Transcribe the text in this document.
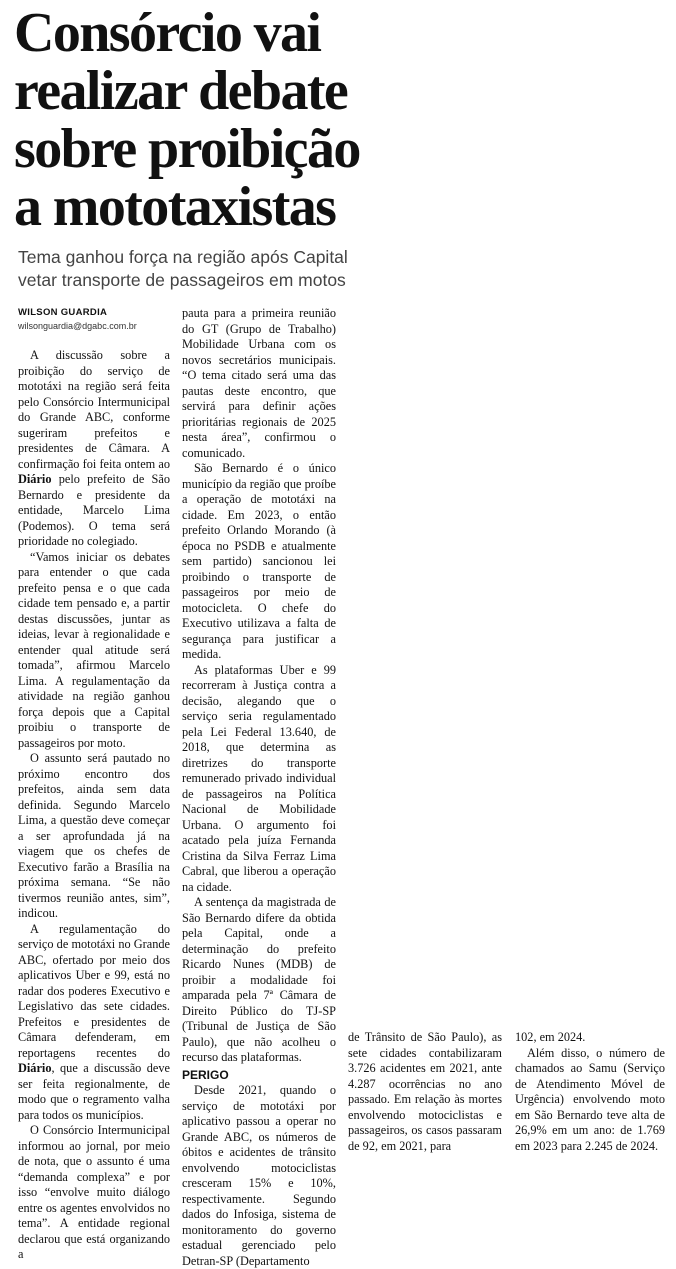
Consórcio vai realizar debate sobre proibição a mototaxistas

Tema ganhou força na região após Capital vetar transporte de passageiros em motos

WILSON GUARDIA
wilsonguardia@dgabc.com.br

A discussão sobre a proibição do serviço de mototáxi na região será feita pelo Consórcio Intermunicipal do Grande ABC, conforme sugeriram prefeitos e presidentes de Câmara. A confirmação foi feita ontem ao Diário pelo prefeito de São Bernardo e presidente da entidade, Marcelo Lima (Podemos). O tema será prioridade no colegiado.

“Vamos iniciar os debates para entender o que cada prefeito pensa e o que cada cidade tem pensado e, a partir destas discussões, juntar as ideias, levar à regionalidade e entender qual atitude será tomada”, afirmou Marcelo Lima. A regulamentação da atividade na região ganhou força depois que a Capital proibiu o transporte de passageiros por moto.

O assunto será pautado no próximo encontro dos prefeitos, ainda sem data definida. Segundo Marcelo Lima, a questão deve começar a ser aprofundada já na viagem que os chefes de Executivo farão a Brasília na próxima semana. “Se não tivermos reunião antes, sim”, indicou.

A regulamentação do serviço de mototáxi no Grande ABC, ofertado por meio dos aplicativos Uber e 99, está no radar dos poderes Executivo e Legislativo das sete cidades. Prefeitos e presidentes de Câmara defenderam, em reportagens recentes do Diário, que a discussão deve ser feita regionalmente, de modo que o regramento valha para todos os municípios.

O Consórcio Intermunicipal informou ao jornal, por meio de nota, que o assunto é uma “demanda complexa” e por isso “envolve muito diálogo entre os agentes envolvidos no tema”. A entidade regional declarou que está organizando a

pauta para a primeira reunião do GT (Grupo de Trabalho) Mobilidade Urbana com os novos secretários municipais. “O tema citado será uma das pautas deste encontro, que servirá para definir ações prioritárias regionais de 2025 nesta área”, confirmou o comunicado.

São Bernardo é o único município da região que proíbe a operação de mototáxi na cidade. Em 2023, o então prefeito Orlando Morando (à época no PSDB e atualmente sem partido) sancionou lei proibindo o transporte de passageiros por meio de motocicleta. O chefe do Executivo utilizava a falta de segurança para justificar a medida.

As plataformas Uber e 99 recorreram à Justiça contra a decisão, alegando que o serviço seria regulamentado pela Lei Federal 13.640, de 2018, que determina as diretrizes do transporte remunerado privado individual de passageiros na Política Nacional de Mobilidade Urbana. O argumento foi acatado pela juíza Fernanda Cristina da Silva Ferraz Lima Cabral, que liberou a operação na cidade.

A sentença da magistrada de São Bernardo difere da obtida pela Capital, onde a determinação do prefeito Ricardo Nunes (MDB) de proibir a modalidade foi amparada pela 7ª Câmara de Direito Público do TJ-SP (Tribunal de Justiça de São Paulo), que não acolheu o recurso das plataformas.

PERIGO

Desde 2021, quando o serviço de mototáxi por aplicativo passou a operar no Grande ABC, os números de óbitos e acidentes de trânsito envolvendo motociclistas cresceram 15% e 10%, respectivamente. Segundo dados do Infosiga, sistema de monitoramento do governo estadual gerenciado pelo Detran-SP (Departamento

de Trânsito de São Paulo), as sete cidades contabilizaram 3.726 acidentes em 2021, ante 4.287 ocorrências no ano passado. Em relação às mortes envolvendo motociclistas e passageiros, os casos passaram de 92, em 2021, para

102, em 2024.

Além disso, o número de chamados ao Samu (Serviço de Atendimento Móvel de Urgência) envolvendo moto em São Bernardo teve alta de 26,9% em um ano: de 1.769 em 2023 para 2.245 de 2024.
